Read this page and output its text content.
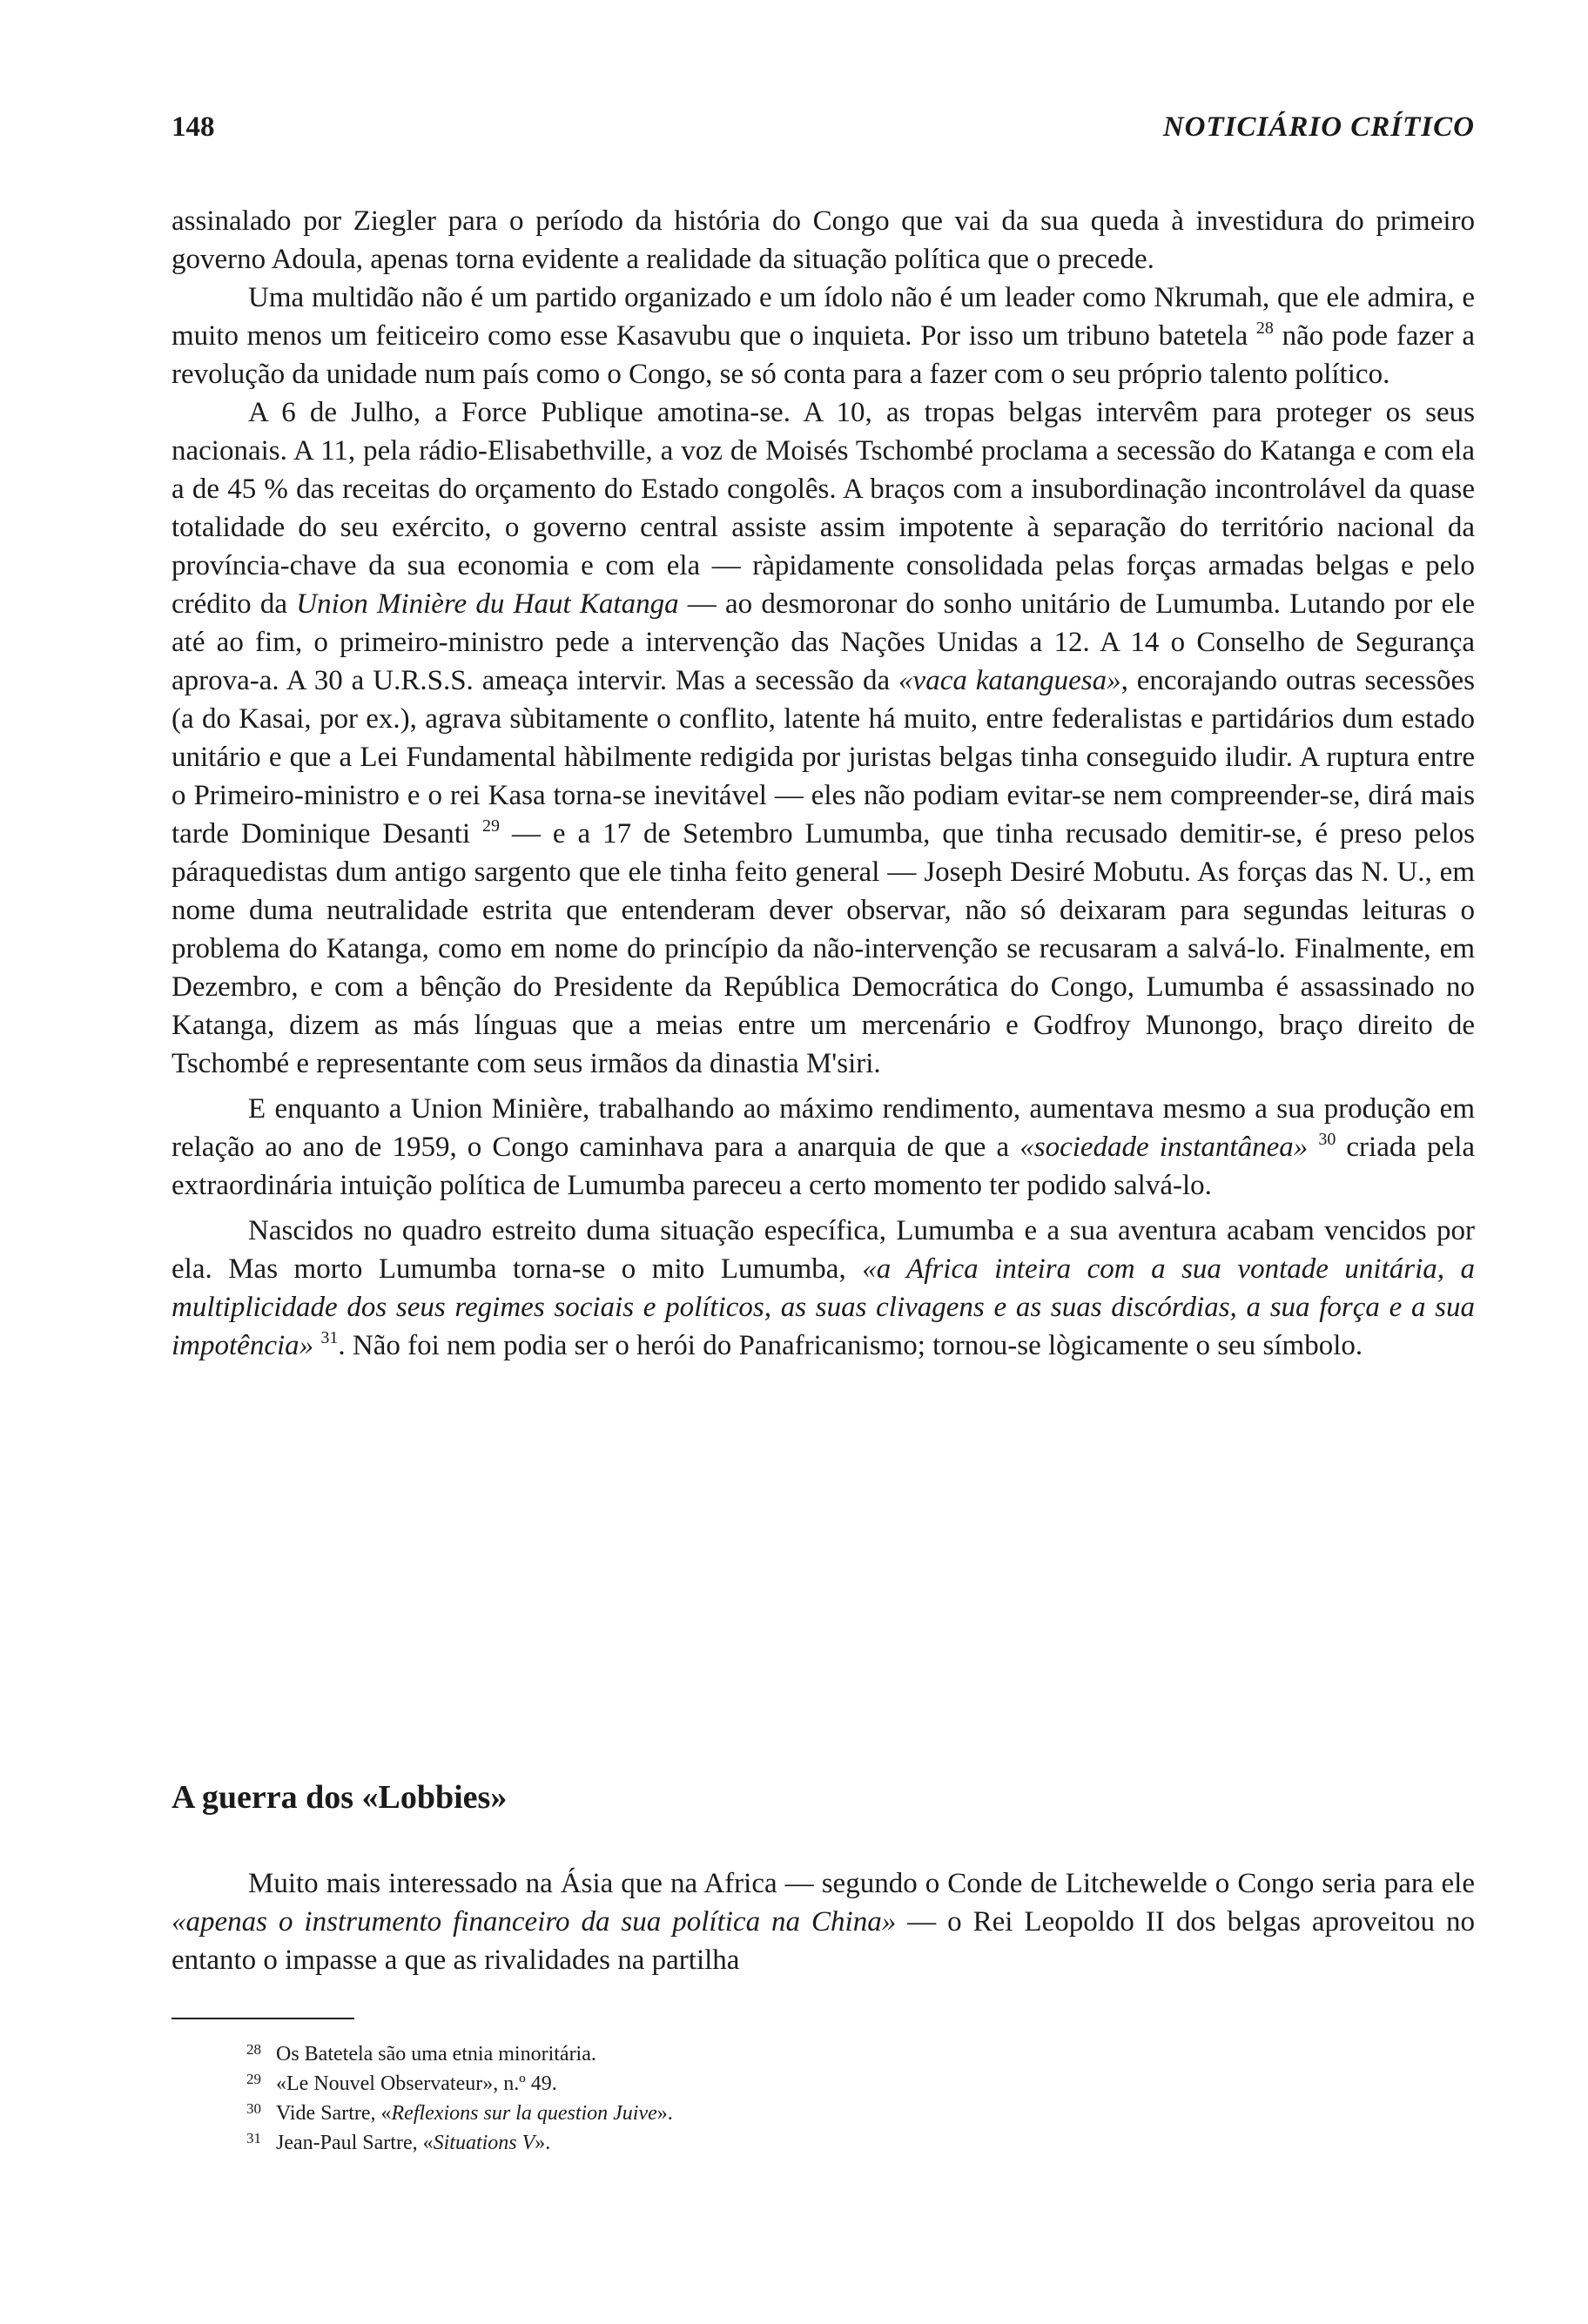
148	NOTICIÁRIO CRÍTICO

assinalado por Ziegler para o período da história do Congo que vai da sua queda à investidura do primeiro governo Adoula, apenas torna evidente a realidade da situação política que o precede.

Uma multidão não é um partido organizado e um ídolo não é um leader como Nkrumah, que ele admira, e muito menos um feiticeiro como esse Kasavubu que o inquieta. Por isso um tribuno batetela $^{28}$ não pode fazer a revolução da unidade num país como o Congo, se só conta para a fazer com o seu próprio talento político.

A 6 de Julho, a Force Publique amotina-se. A 10, as tropas belgas intervêm para proteger os seus nacionais. A 11, pela rádio-Elisabethville, a voz de Moisés Tschombé proclama a secessão do Katanga e com ela a de 45 % das receitas do orçamento do Estado congolês. A braços com a insubordinação incontrolável da quase totalidade do seu exército, o governo central assiste assim impotente à separação do território nacional da província-chave da sua economia e com ela — ràpidamente consolidada pelas forças armadas belgas e pelo crédito da Union Minière du Haut Katanga — ao desmoronar do sonho unitário de Lumumba. Lutando por ele até ao fim, o primeiro-ministro pede a intervenção das Nações Unidas a 12. A 14 o Conselho de Segurança aprova-a. A 30 a U.R.S.S. ameaça intervir. Mas a secessão da «vaca katanguesa», encorajando outras secessões (a do Kasai, por ex.), agrava sùbitamente o conflito, latente há muito, entre federalistas e partidários dum estado unitário e que a Lei Fundamental hàbilmente redigida por juristas belgas tinha conseguido iludir. A ruptura entre o Primeiro-ministro e o rei Kasa torna-se inevitável — eles não podiam evitar-se nem compreender-se, dirá mais tarde Dominique Desanti $^{29}$ — e a 17 de Setembro Lumumba, que tinha recusado demitir-se, é preso pelos páraquedistas dum antigo sargento que ele tinha feito general — Joseph Desiré Mobutu. As forças das N. U., em nome duma neutralidade estrita que entenderam dever observar, não só deixaram para segundas leituras o problema do Katanga, como em nome do princípio da não-intervenção se recusaram a salvá-lo. Finalmente, em Dezembro, e com a bênção do Presidente da República Democrática do Congo, Lumumba é assassinado no Katanga, dizem as más línguas que a meias entre um mercenário e Godfroy Munongo, braço direito de Tschombé e representante com seus irmãos da dinastia M'siri.

E enquanto a Union Minière, trabalhando ao máximo rendimento, aumentava mesmo a sua produção em relação ao ano de 1959, o Congo caminhava para a anarquia de que a «sociedade instantânea» $^{30}$ criada pela extraordinária intuição política de Lumumba pareceu a certo momento ter podido salvá-lo.

Nascidos no quadro estreito duma situação específica, Lumumba e a sua aventura acabam vencidos por ela. Mas morto Lumumba torna-se o mito Lumumba, «a Africa inteira com a sua vontade unitária, a multiplicidade dos seus regimes sociais e políticos, as suas clivagens e as suas discórdias, a sua força e a sua impotência» $^{31}$. Não foi nem podia ser o herói do Panafricanismo; tornou-se lògicamente o seu símbolo.

A guerra dos «Lobbies»

Muito mais interessado na Ásia que na Africa — segundo o Conde de Litchewelde o Congo seria para ele «apenas o instrumento financeiro da sua política na China» — o Rei Leopoldo II dos belgas aproveitou no entanto o impasse a que as rivalidades na partilha

28 Os Batetela são uma etnia minoritária.
29 «Le Nouvel Observateur», n.º 49.
30 Vide Sartre, «Reflexions sur la question Juive».
31 Jean-Paul Sartre, «Situations V».
